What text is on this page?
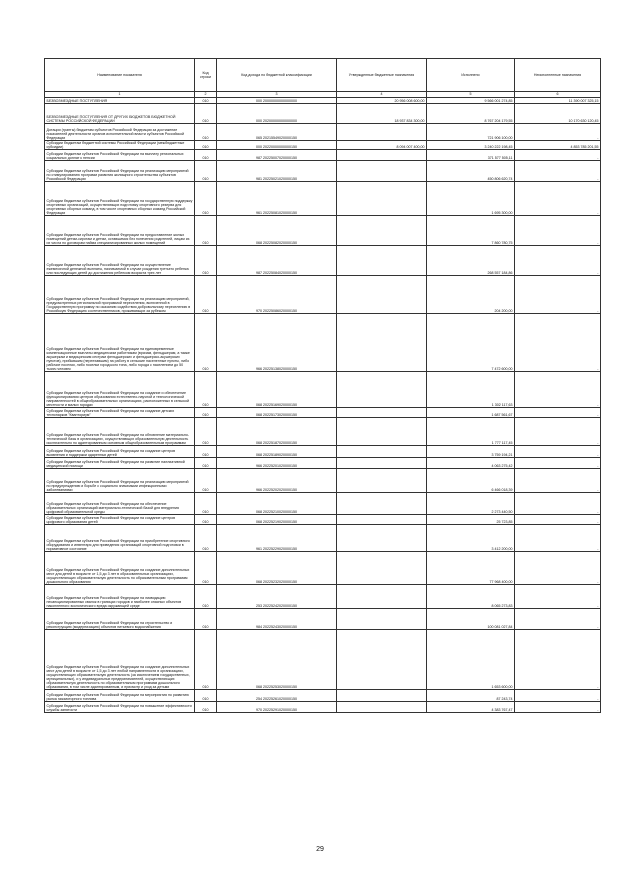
Наименование показателя	Код строки	Код дохода по бюджетной классификации	Утвержденные бюджетные назначения	Исполнено	Неисполненные назначения
1	2	3	4	5	6
БЕЗВОЗМЕЗДНЫЕ ПОСТУПЛЕНИЯ	010	000 20000000000000000	20 956 008 600,00	9 566 001 274,85	11 390 007 325,15
БЕЗВОЗМЕЗДНЫЕ ПОСТУПЛЕНИЯ ОТ ДРУГИХ БЮДЖЕТОВ БЮДЖЕТНОЙ СИСТЕМЫ РОССИЙСКОЙ ФЕДЕРАЦИИ	010	000 20200000000000000	18 937 834 300,00	8 767 204 179,55	10 170 630 120,45
Дотации (гранты) бюджетам субъектов Российской Федерации за достижение показателей деятельности органов исполнительной власти субъектов Российской Федерации	010	065 20215549020000150		721 906 100,00	-
Субсидии бюджетам бюджетной системы Российской Федерации (межбюджетные субсидии)	010	000 20220000000000150	8 094 007 400,00	3 240 222 198,45	4 853 785 201,55
Субсидии бюджетам субъектов Российской Федерации на выплату региональных социальных доплат к пенсии	010	987 20225007020000150		371 577 505,11	-
Субсидии бюджетам субъектов Российской Федерации на реализацию мероприятий по стимулированию программ развития жилищного строительства субъектов Российской Федерации	010	981 20225021020000150		450 806 620,74	-
Субсидии бюджетам субъектов Российской Федерации на государственную поддержку спортивных организаций, осуществляющих подготовку спортивного резерва для спортивных сборных команд, в том числе спортивных сборных команд Российской Федерации	010	961 20225081020000150		1 695 300,00	-
Субсидии бюджетам субъектов Российской Федерации на предоставление жилых помещений детям-сиротам и детям, оставшимся без попечения родителей, лицам из их числа по договорам найма специализированных жилых помещений	010	068 20225082020000150		7 860 780,75	-
Субсидии бюджетам субъектов Российской Федерации на осуществление ежемесячной денежной выплаты, назначаемой в случае рождения третьего ребенка или последующих детей до достижения ребенком возраста трех лет	010	987 20225084020000150		268 557 184,86	-
Субсидии бюджетам субъектов Российской Федерации на реализацию мероприятий, предусмотренных региональной программой переселения, включенной в Государственную программу по оказанию содействия добровольному переселению в Российскую Федерацию соотечественников, проживающих за рубежом	010	970 20225086020000150		204 200,00	-
Субсидии бюджетам субъектов Российской Федерации на единовременные компенсационные выплаты медицинским работникам (врачам, фельдшерам, а также акушеркам и медицинским сестрам фельдшерских и фельдшерско-акушерских пунктов), прибывшим (переехавшим) на работу в сельские населенные пункты, либо рабочие поселки, либо поселки городского типа, либо города с населением до 50 тысяч человек	010	966 20225138020000150		7 472 600,00	-
Субсидии бюджетам субъектов Российской Федерации на создание и обеспечение функционирования центров образования естественно-научной и технологической направленностей в общеобразовательных организациях, расположенных в сельской местности и малых городах	010	068 20225169020000150		1 302 117,63	-
Субсидии бюджетам субъектов Российской Федерации на создание детских технопарков "Кванториум"	010	068 20225173020000150		1 687 561,67	-
Субсидии бюджетам субъектов Российской Федерации на обновление материально-технической базы в организациях, осуществляющих образовательную деятельность исключительно по адаптированным основным общеобразовательным программам	010	068 20225187020000150		1 777 117,45	-
Субсидии бюджетам субъектов Российской Федерации на создание центров выявления и поддержки одаренных детей	010	068 20225189020000150		3 759 194,21	-
Субсидии бюджетам субъектов Российской Федерации на развитие паллиативной медицинской помощи	010	966 20225201020000150		4 063 275,42	-
Субсидии бюджетам субъектов Российской Федерации на реализацию мероприятий по предупреждению и борьбе с социально значимыми инфекционными заболеваниями	010	966 20225202020000150		6 466 018,39	-
Субсидии бюджетам субъектов Российской Федерации на обеспечение образовательных организаций материально-технической базой для внедрения цифровой образовательной среды	010	068 20225210020000150		2 273 440,50	-
Субсидии бюджетам субъектов Российской Федерации на создание центров цифрового образования детей	010	068 20225219020000150		25 723,85	-
Субсидии бюджетам субъектов Российской Федерации на приобретение спортивного оборудования и инвентаря для приведения организаций спортивной подготовки в нормативное состояние	010	961 20225229020000150		3 412 200,00	-
Субсидии бюджетам субъектов Российской Федерации на создание дополнительных мест для детей в возрасте от 1,5 до 3 лет в образовательных организациях, осуществляющих образовательную деятельность по образовательным программам дошкольного образования	010	068 20225232020000150		77 968 400,00	-
Субсидии бюджетам субъектов Российской Федерации на ликвидацию несанкционированных свалок в границах городов и наиболее опасных объектов накопленного экологического вреда окружающей среде	010	253 20225242020000150		8 065 273,83	-
Субсидии бюджетам субъектов Российской Федерации на строительство и реконструкцию (модернизацию) объектов питьевого водоснабжения	010	984 20225243020000150		100 081 027,84	-
Субсидии бюджетам субъектов Российской Федерации на создание дополнительных мест для детей в возрасте от 1,5 до 3 лет любой направленности в организациях, осуществляющих образовательную деятельность (за исключением государственных, муниципальных), и у индивидуальных предпринимателей, осуществляющих образовательную деятельность по образовательным программам дошкольного образования, в том числе адаптированным, и присмотр и уход за детьми	010	068 20225253020000150		1 653 600,00	-
Субсидии бюджетам субъектов Российской Федерации на мероприятия по развитию рынка газомоторного топлива	010	254 20225261020000150		87 243,74	-
Субсидии бюджетам субъектов Российской Федерации на повышение эффективности службы занятости	010	970 20225291020000150		4 383 767,47	-
29
